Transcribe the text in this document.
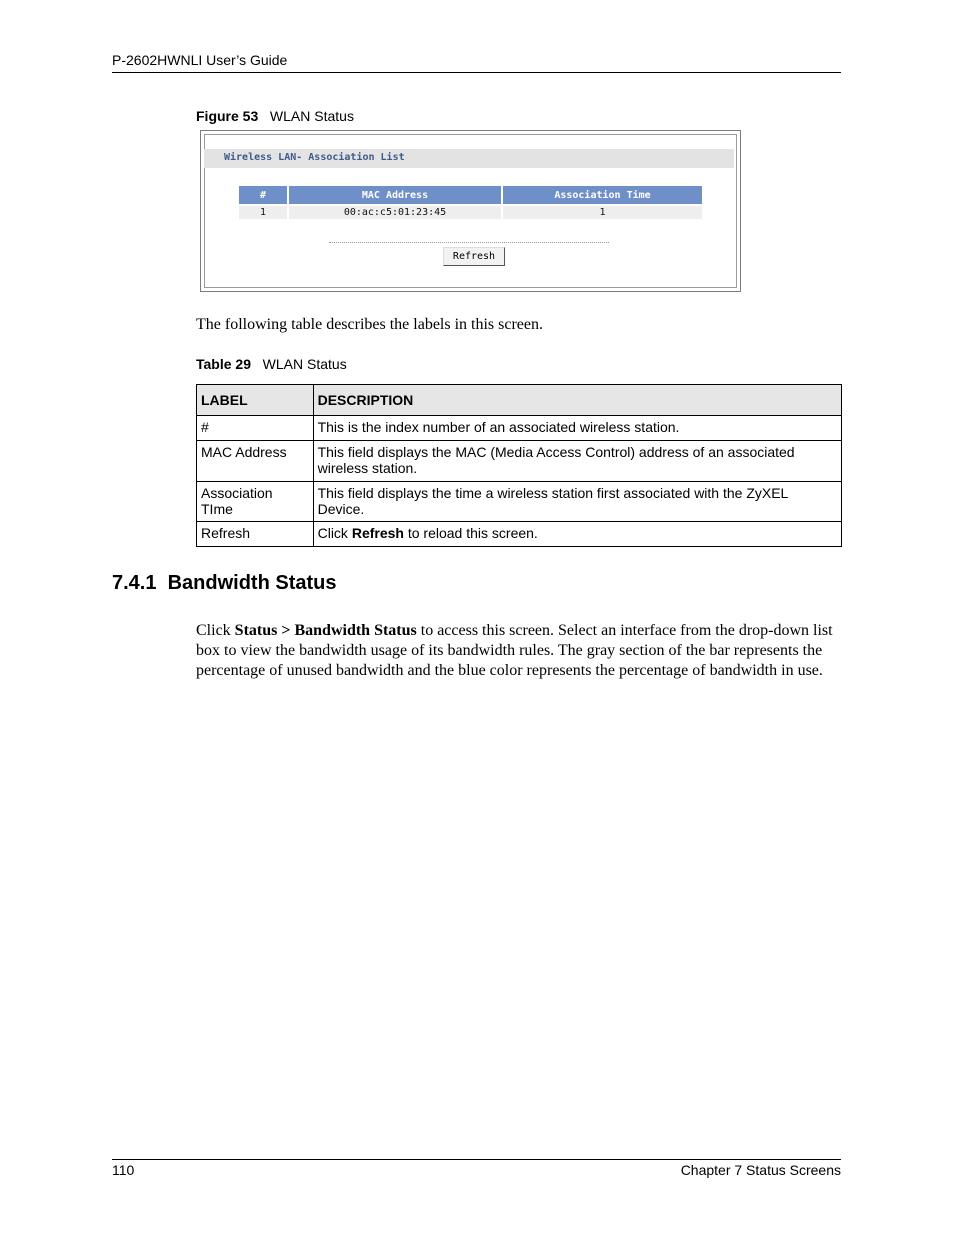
P-2602HWNLI User’s Guide
Figure 53 WLAN Status
Wireless LAN- Association List
#	MAC Address	Association Time
1	00:ac:c5:01:23:45	1
Refresh
The following table describes the labels in this screen.
Table 29 WLAN Status
LABEL	DESCRIPTION
#	This is the index number of an associated wireless station.
MAC Address	This field displays the MAC (Media Access Control) address of an associated wireless station.
Association TIme	This field displays the time a wireless station first associated with the ZyXEL Device.
Refresh	Click Refresh to reload this screen.
7.4.1  Bandwidth Status
Click Status > Bandwidth Status to access this screen. Select an interface from the drop-down list box to view the bandwidth usage of its bandwidth rules. The gray section of the bar represents the percentage of unused bandwidth and the blue color represents the percentage of bandwidth in use.
110	Chapter 7 Status Screens
